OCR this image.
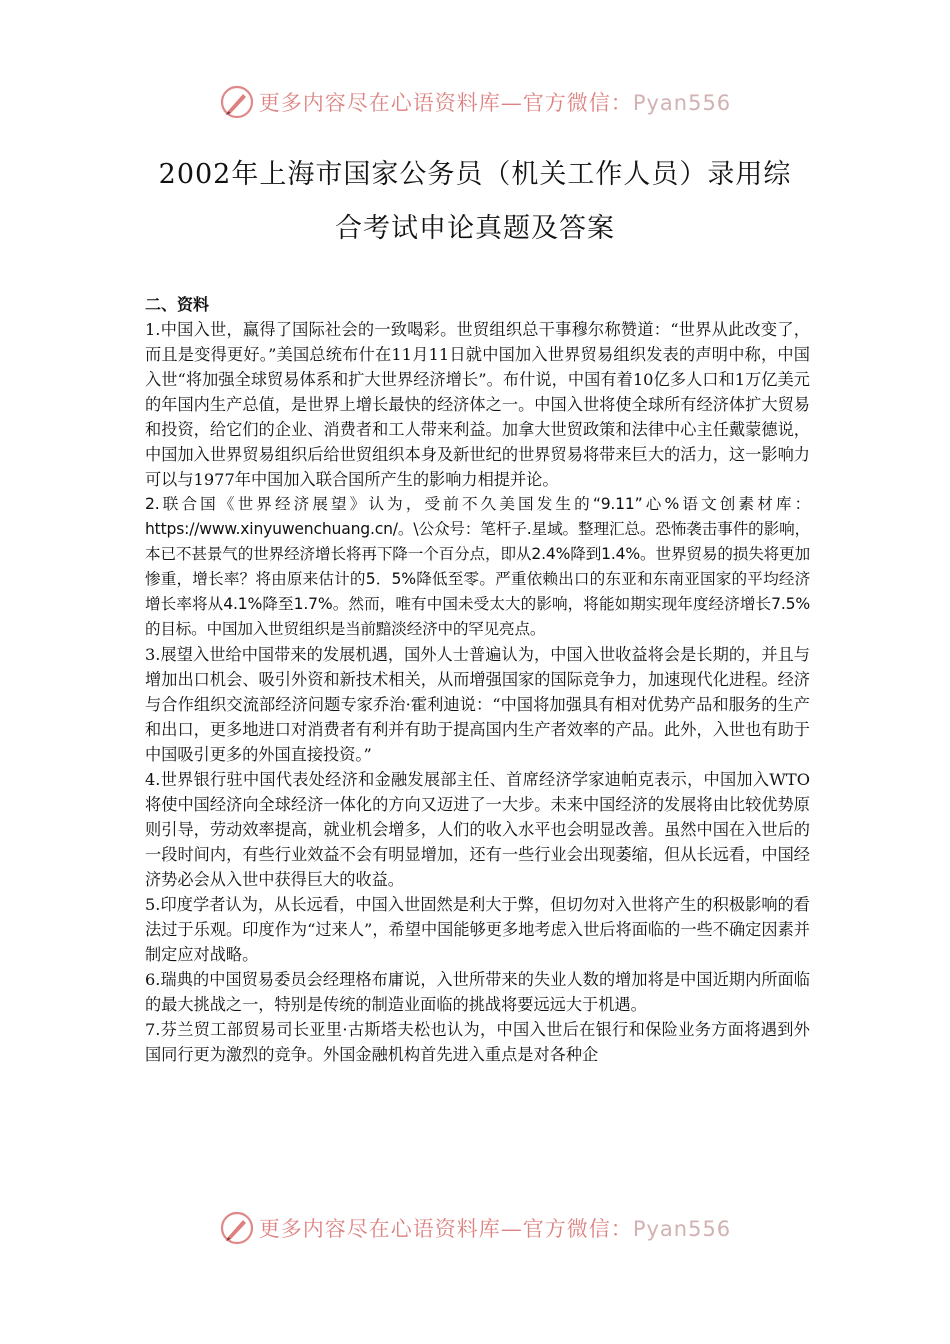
更多内容尽在心语资料库—官方微信：Pyan556
2002年上海市国家公务员（机关工作人员）录用综
合考试申论真题及答案

二、资料

1.中国入世，赢得了国际社会的一致喝彩。世贸组织总干事穆尔称赞道：“世界从此改变了，而且是变得更好。”美国总统布什在11月11日就中国加入世界贸易组织发表的声明中称，中国入世“将加强全球贸易体系和扩大世界经济增长”。布什说，中国有着10亿多人口和1万亿美元的年国内生产总值，是世界上增长最快的经济体之一。中国入世将使全球所有经济体扩大贸易和投资，给它们的企业、消费者和工人带来利益。加拿大世贸政策和法律中心主任戴蒙德说，中国加入世界贸易组织后给世贸组织本身及新世纪的世界贸易将带来巨大的活力，这一影响力可以与1977年中国加入联合国所产生的影响力相提并论。

2.联合国《世界经济展望》认为，受前不久美国发生的“9.11”心%语文创素材库：https://www.xinyuwenchuang.cn/。\公众号：笔杆子.星域。整理汇总。恐怖袭击事件的影响，本已不甚景气的世界经济增长将再下降一个百分点，即从2.4%降到1.4%。世界贸易的损失将更加惨重，增长率？将由原来估计的5．5%降低至零。严重依赖出口的东亚和东南亚国家的平均经济增长率将从4.1%降至1.7%。然而，唯有中国未受太大的影响，将能如期实现年度经济增长7.5%的目标。中国加入世贸组织是当前黯淡经济中的罕见亮点。

3.展望入世给中国带来的发展机遇，国外人士普遍认为，中国入世收益将会是长期的，并且与增加出口机会、吸引外资和新技术相关，从而增强国家的国际竞争力，加速现代化进程。经济与合作组织交流部经济问题专家乔治·霍利迪说：“中国将加强具有相对优势产品和服务的生产和出口，更多地进口对消费者有利并有助于提高国内生产者效率的产品。此外，入世也有助于中国吸引更多的外国直接投资。”

4.世界银行驻中国代表处经济和金融发展部主任、首席经济学家迪帕克表示，中国加入WTO将使中国经济向全球经济一体化的方向又迈进了一大步。未来中国经济的发展将由比较优势原则引导，劳动效率提高，就业机会增多，人们的收入水平也会明显改善。虽然中国在入世后的一段时间内，有些行业效益不会有明显增加，还有一些行业会出现萎缩，但从长远看，中国经济势必会从入世中获得巨大的收益。

5.印度学者认为，从长远看，中国入世固然是利大于弊，但切勿对入世将产生的积极影响的看法过于乐观。印度作为“过来人”，希望中国能够更多地考虑入世后将面临的一些不确定因素并制定应对战略。

6.瑞典的中国贸易委员会经理格布庸说，入世所带来的失业人数的增加将是中国近期内所面临的最大挑战之一，特别是传统的制造业面临的挑战将要远远大于机遇。

7.芬兰贸工部贸易司长亚里·古斯塔夫松也认为，中国入世后在银行和保险业务方面将遇到外国同行更为激烈的竞争。外国金融机构首先进入重点是对各种企

更多内容尽在心语资料库—官方微信：Pyan556
